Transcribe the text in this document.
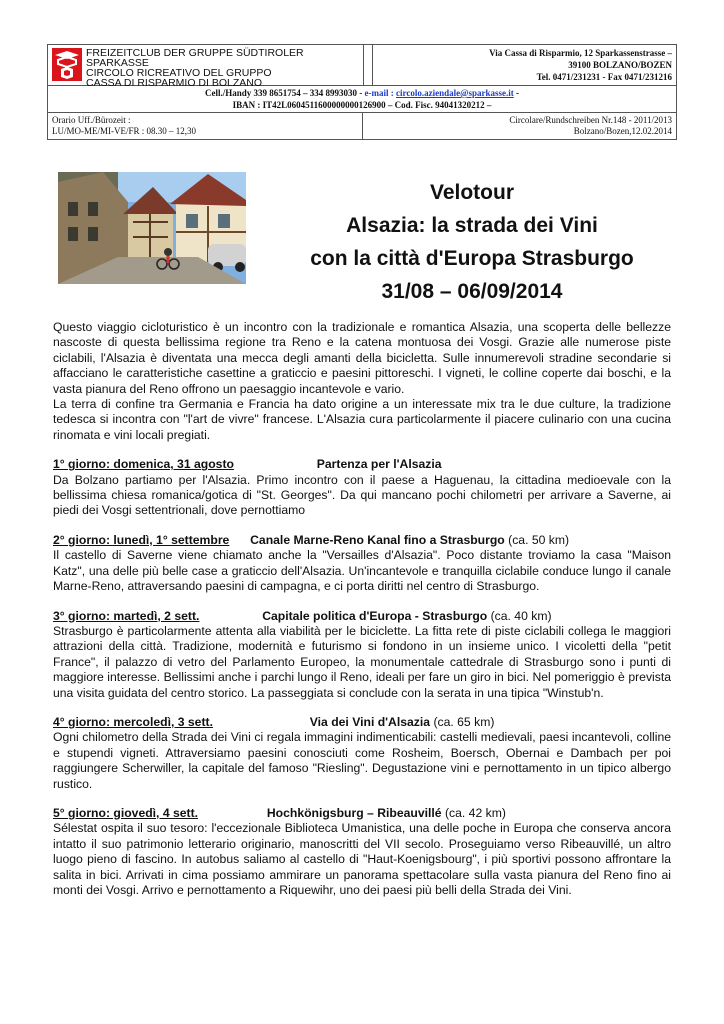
FREIZEITCLUB DER GRUPPE SÜDTIROLER SPARKASSE
CIRCOLO RICREATIVO DEL GRUPPO
CASSA DI RISPARMIO DI BOLZANO

Via Cassa di Risparmio, 12 Sparkassenstrasse –
39100 BOLZANO/BOZEN
Tel. 0471/231231 - Fax 0471/231216

Cell./Handy 339 8651754 – 334 8993030 - e-mail : circolo.aziendale@sparkasse.it -
IBAN : IT42L0604511600000000126900 – Cod. Fisc. 94041320212 –

Orario Uff./Bürozeit :
LU/MO-ME/MI-VE/FR : 08.30 – 12,30

Circolare/Rundschreiben Nr.148 - 2011/2013
Bolzano/Bozen,12.02.2014
Velotour
Alsazia: la strada dei Vini
con la città d'Europa Strasburgo
31/08 – 06/09/2014

Questo viaggio cicloturistico è un incontro con la tradizionale e romantica Alsazia, una scoperta delle bellezze nascoste di questa bellissima regione tra Reno e la catena montuosa dei Vosgi. Grazie alle numerose piste ciclabili, l'Alsazia è diventata una mecca degli amanti della bicicletta. Sulle innumerevoli stradine secondarie si affacciano le caratteristiche casettine a graticcio e paesini pittoreschi. I vigneti, le colline coperte dai boschi, e la vasta pianura del Reno offrono un paesaggio incantevole e vario.

La terra di confine tra Germania e Francia ha dato origine a un interessate mix tra le due culture, la tradizione tedesca si incontra con "l'art de vivre" francese. L'Alsazia cura particolarmente il piacere culinario con una cucina rinomata e vini locali pregiati.

1° giorno: domenica, 31 agosto	Partenza per l'Alsazia

Da Bolzano partiamo per l'Alsazia. Primo incontro con il paese a Haguenau, la cittadina medioevale con la bellissima chiesa romanica/gotica di "St. Georges". Da qui mancano pochi chilometri per arrivare a Saverne, ai piedi dei Vosgi settentrionali, dove pernottiamo

2° giorno: lunedì, 1° settembre Canale Marne-Reno Kanal fino a Strasburgo (ca. 50 km)

Il castello di Saverne viene chiamato anche la "Versailles d'Alsazia". Poco distante troviamo la casa "Maison Katz", una delle più belle case a graticcio dell'Alsazia. Un'incantevole e tranquilla ciclabile conduce lungo il canale Marne-Reno, attraversando paesini di campagna, e ci porta diritti nel centro di Strasburgo.

3° giorno: martedì, 2 sett.	Capitale politica d'Europa - Strasburgo (ca. 40 km)

Strasburgo è particolarmente attenta alla viabilità per le biciclette. La fitta rete di piste ciclabili collega le maggiori attrazioni della città. Tradizione, modernità e futurismo si fondono in un insieme unico. I vicoletti della "petit France", il palazzo di vetro del Parlamento Europeo, la monumentale cattedrale di Strasburgo sono i punti di maggiore interesse. Bellissimi anche i parchi lungo il Reno, ideali per fare un giro in bici. Nel pomeriggio è prevista una visita guidata del centro storico. La passeggiata si conclude con la serata in una tipica "Winstub'n.

4° giorno: mercoledì, 3 sett.	Via dei Vini d'Alsazia (ca. 65 km)

Ogni chilometro della Strada dei Vini ci regala immagini indimenticabili: castelli medievali, paesi incantevoli, colline e stupendi vigneti. Attraversiamo paesini conosciuti come Rosheim, Boersch, Obernai e Dambach per poi raggiungere Scherwiller, la capitale del famoso "Riesling". Degustazione vini e pernottamento in un tipico albergo rustico.

5° giorno: giovedì, 4 sett.	Hochkönigsburg – Ribeauvillé (ca. 42 km)

Sélestat ospita il suo tesoro: l'eccezionale Biblioteca Umanistica, una delle poche in Europa che conserva ancora intatto il suo patrimonio letterario originario, manoscritti del VII secolo. Proseguiamo verso Ribeauvillé, un altro luogo pieno di fascino. In autobus saliamo al castello di "Haut-Koenigsbourg", i più sportivi possono affrontare la salita in bici. Arrivati in cima possiamo ammirare un panorama spettacolare sulla vasta pianura del Reno fino ai monti dei Vosgi. Arrivo e pernottamento a Riquewihr, uno dei paesi più belli della Strada dei Vini.
